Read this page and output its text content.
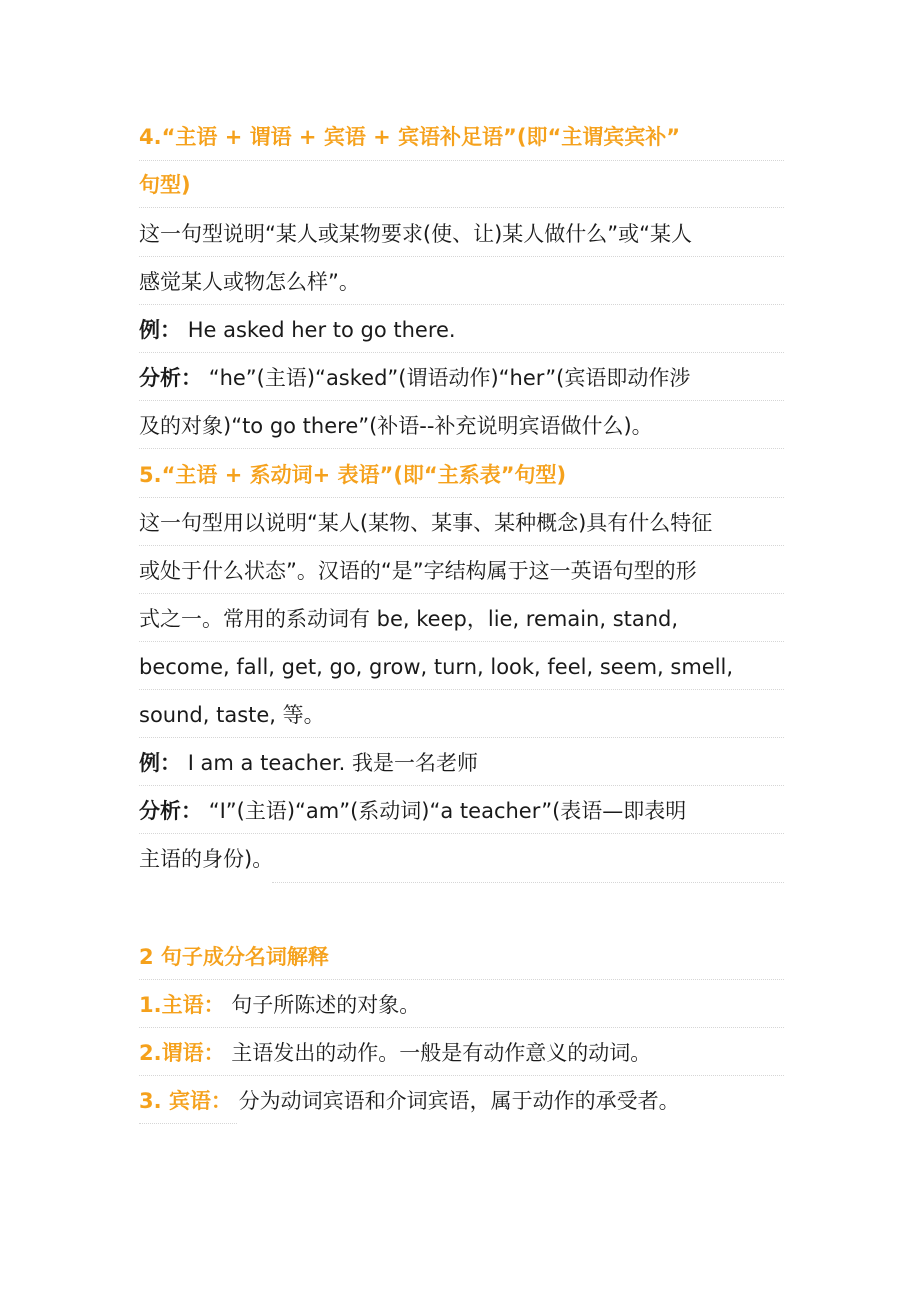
4.“主语 + 谓语 + 宾语 + 宾语补足语”(即“主谓宾宾补”
句型)
这一句型说明“某人或某物要求(使、让)某人做什么”或“某人
感觉某人或物怎么样”。
例： He asked her to go there.
分析： “he”(主语)“asked”(谓语动作)“her”(宾语即动作涉
及的对象)“to go there”(补语--补充说明宾语做什么)。
5.“主语 + 系动词+ 表语”(即“主系表”句型)
这一句型用以说明“某人(某物、某事、某种概念)具有什么特征
或处于什么状态”。汉语的“是”字结构属于这一英语句型的形
式之一。常用的系动词有 be, keep，lie, remain, stand,
become, fall, get, go, grow, turn, look, feel, seem, smell,
sound, taste, 等。
例： I am a teacher. 我是一名老师
分析： “I”(主语)“am”(系动词)“a teacher”(表语—即表明
主语的身份)。
2 句子成分名词解释
1.主语： 句子所陈述的对象。
2.谓语： 主语发出的动作。一般是有动作意义的动词。
3. 宾语： 分为动词宾语和介词宾语，属于动作的承受者。
